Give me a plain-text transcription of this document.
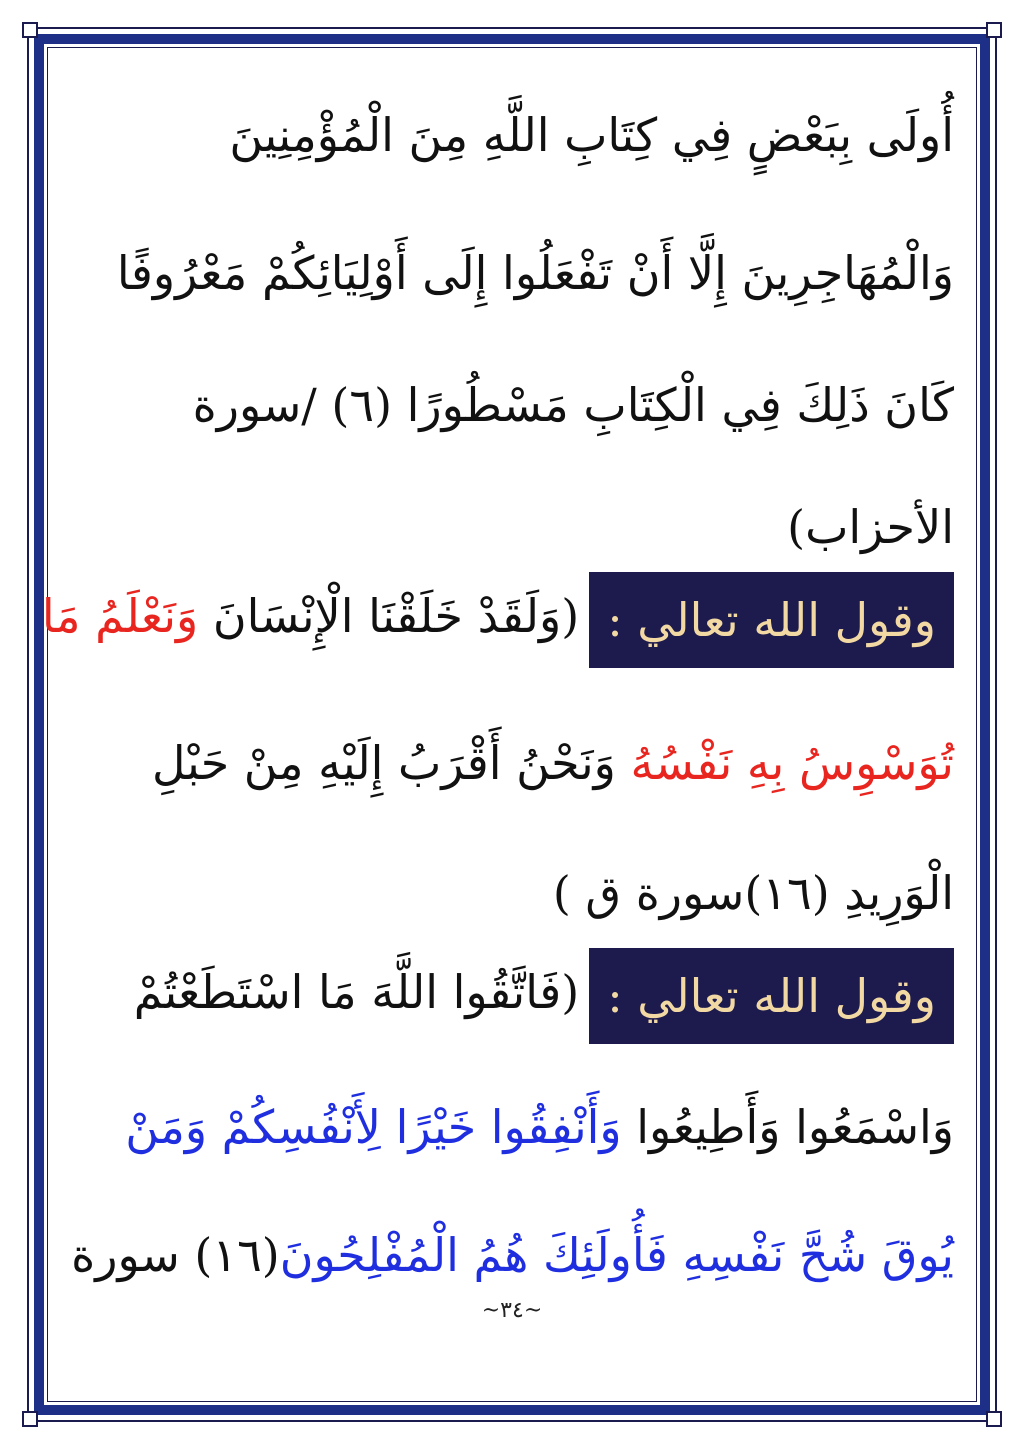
أُولَى بِبَعْضٍ فِي كِتَابِ اللَّهِ مِنَ الْمُؤْمِنِينَ
وَالْمُهَاجِرِينَ إِلَّا أَنْ تَفْعَلُوا إِلَى أَوْلِيَائِكُمْ مَعْرُوفًا
كَانَ ذَلِكَ فِي الْكِتَابِ مَسْطُورًا (٦) /سورة
الأحزاب)
وقول الله تعالي :(وَلَقَدْ خَلَقْنَا الْإِنْسَانَ وَنَعْلَمُ مَا
تُوَسْوِسُ بِهِ نَفْسُهُ وَنَحْنُ أَقْرَبُ إِلَيْهِ مِنْ حَبْلِ
الْوَرِيدِ (١٦)سورة ق )
وقول الله تعالي :(فَاتَّقُوا اللَّهَ مَا اسْتَطَعْتُمْ
وَاسْمَعُوا وَأَطِيعُوا وَأَنْفِقُوا خَيْرًا لِأَنْفُسِكُمْ وَمَنْ
يُوقَ شُحَّ نَفْسِهِ فَأُولَئِكَ هُمُ الْمُفْلِحُونَ(١٦) سورة
~٣٤~
